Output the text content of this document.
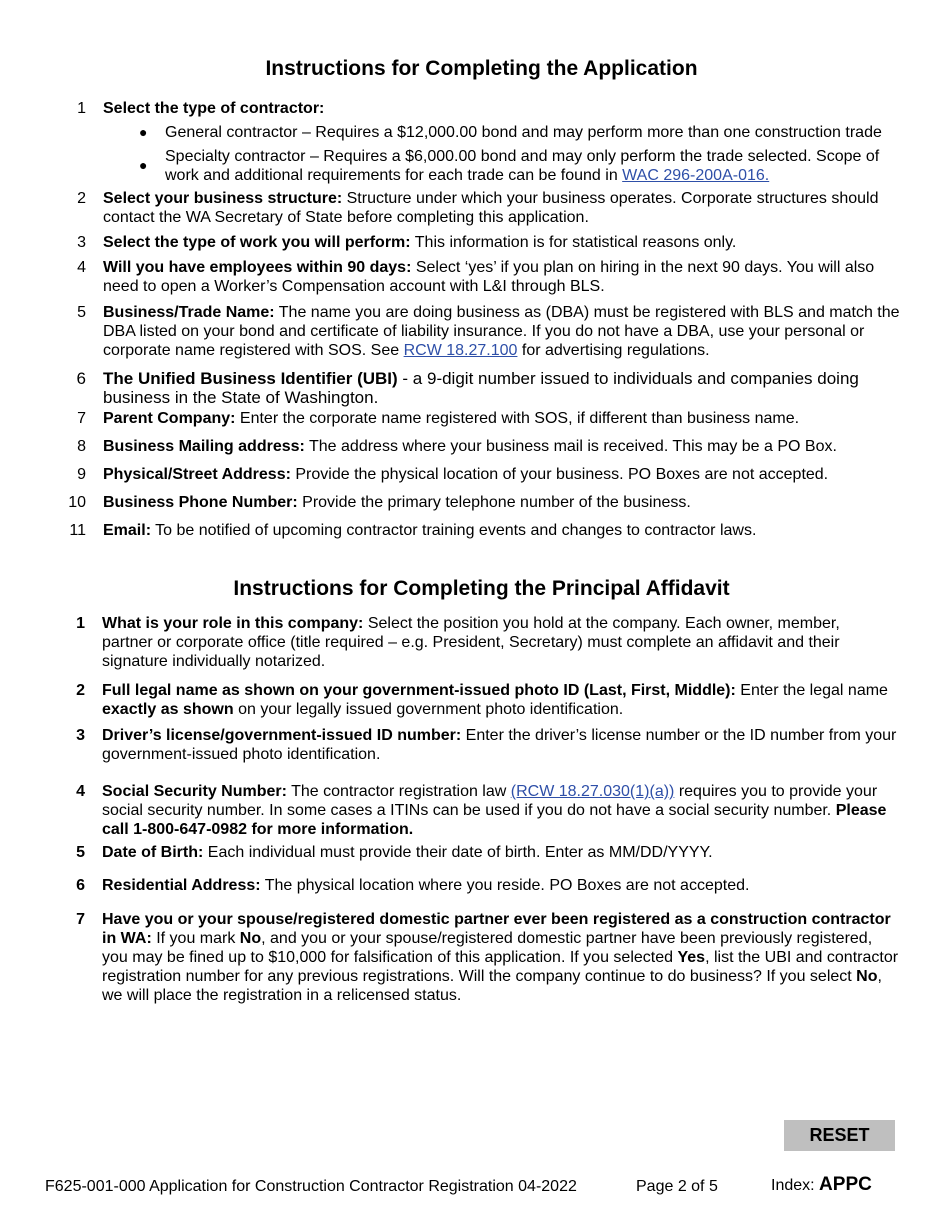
Instructions for Completing the Application
1 Select the type of contractor:
● General contractor – Requires a $12,000.00 bond and may perform more than one construction trade
● Specialty contractor – Requires a $6,000.00 bond and may only perform the trade selected. Scope of work and additional requirements for each trade can be found in WAC 296-200A-016.
2 Select your business structure: Structure under which your business operates. Corporate structures should contact the WA Secretary of State before completing this application.
3 Select the type of work you will perform: This information is for statistical reasons only.
4 Will you have employees within 90 days: Select ‘yes’ if you plan on hiring in the next 90 days. You will also need to open a Worker’s Compensation account with L&I through BLS.
5 Business/Trade Name: The name you are doing business as (DBA) must be registered with BLS and match the DBA listed on your bond and certificate of liability insurance. If you do not have a DBA, use your personal or corporate name registered with SOS. See RCW 18.27.100 for advertising regulations.
6 The Unified Business Identifier (UBI) - a 9-digit number issued to individuals and companies doing business in the State of Washington.
7 Parent Company: Enter the corporate name registered with SOS, if different than business name.
8 Business Mailing address: The address where your business mail is received. This may be a PO Box.
9 Physical/Street Address: Provide the physical location of your business. PO Boxes are not accepted.
10 Business Phone Number: Provide the primary telephone number of the business.
11 Email: To be notified of upcoming contractor training events and changes to contractor laws.
Instructions for Completing the Principal Affidavit
1 What is your role in this company: Select the position you hold at the company. Each owner, member, partner or corporate office (title required – e.g. President, Secretary) must complete an affidavit and their signature individually notarized.
2 Full legal name as shown on your government-issued photo ID (Last, First, Middle): Enter the legal name exactly as shown on your legally issued government photo identification.
3 Driver’s license/government-issued ID number: Enter the driver’s license number or the ID number from your government-issued photo identification.
4 Social Security Number: The contractor registration law (RCW 18.27.030(1)(a)) requires you to provide your social security number. In some cases a ITINs can be used if you do not have a social security number. Please call 1-800-647-0982 for more information.
5 Date of Birth: Each individual must provide their date of birth. Enter as MM/DD/YYYY.
6 Residential Address: The physical location where you reside. PO Boxes are not accepted.
7 Have you or your spouse/registered domestic partner ever been registered as a construction contractor in WA: If you mark No, and you or your spouse/registered domestic partner have been previously registered, you may be fined up to $10,000 for falsification of this application. If you selected Yes, list the UBI and contractor registration number for any previous registrations. Will the company continue to do business? If you select No, we will place the registration in a relicensed status.
RESET
F625-001-000 Application for Construction Contractor Registration 04-2022	Page 2 of 5	Index: APPC
